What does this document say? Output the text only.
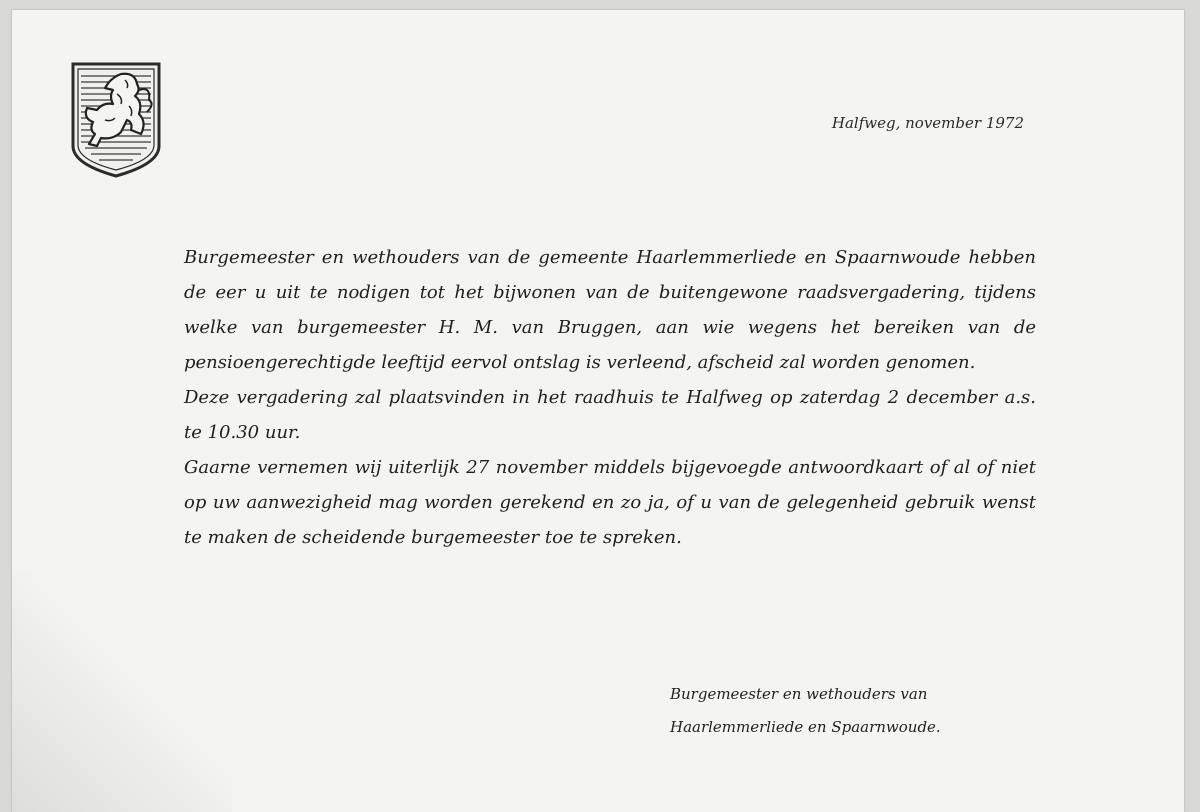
Halfweg, november 1972

Burgemeester en wethouders van de gemeente Haarlemmerliede en Spaarnwoude hebben de eer u uit te nodigen tot het bijwonen van de buitengewone raadsvergadering, tijdens welke van burgemeester H. M. van Bruggen, aan wie wegens het bereiken van de pensioengerechtigde leeftijd eervol ontslag is verleend, afscheid zal worden genomen.

Deze vergadering zal plaatsvinden in het raadhuis te Halfweg op zaterdag 2 december a.s. te 10.30 uur.

Gaarne vernemen wij uiterlijk 27 november middels bijgevoegde antwoordkaart of al of niet op uw aanwezigheid mag worden gerekend en zo ja, of u van de gelegenheid gebruik wenst te maken de scheidende burgemeester toe te spreken.

Burgemeester en wethouders van
Haarlemmerliede en Spaarnwoude.
